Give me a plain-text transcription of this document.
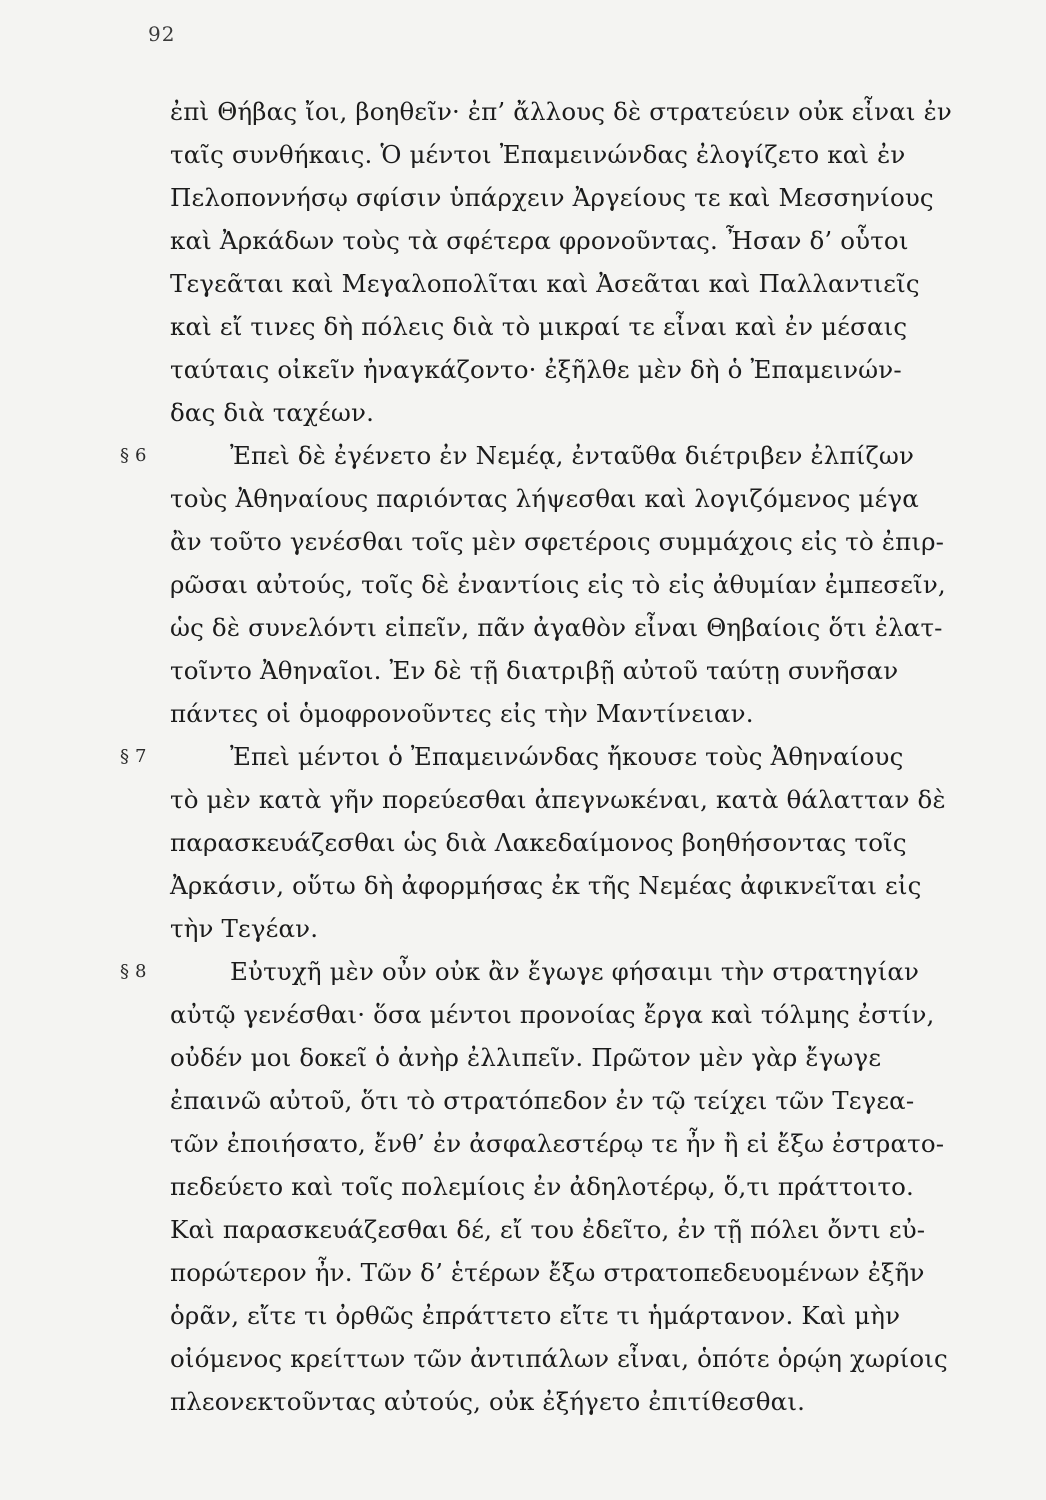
92
ἐπὶ Θήβας ἴοι, βοηθεῖν· ἐπ’ ἄλλους δὲ στρατεύειν οὐκ εἶναι ἐν
ταῖς συνθήκαις. Ὁ μέντοι Ἐπαμεινώνδας ἐλογίζετο καὶ ἐν
Πελοποννήσῳ σφίσιν ὑπάρχειν Ἀργείους τε καὶ Μεσσηνίους
καὶ Ἀρκάδων τοὺς τὰ σφέτερα φρονοῦντας. Ἦσαν δ’ οὗτοι
Τεγεᾶται καὶ Μεγαλοπολῖται καὶ Ἀσεᾶται καὶ Παλλαντιεῖς
καὶ εἴ τινες δὴ πόλεις διὰ τὸ μικραί τε εἶναι καὶ ἐν μέσαις
ταύταις οἰκεῖν ἠναγκάζοντο· ἐξῆλθε μὲν δὴ ὁ Ἐπαμεινών-
δας διὰ ταχέων.
§ 6	Ἐπεὶ δὲ ἐγένετο ἐν Νεμέᾳ, ἐνταῦθα διέτριβεν ἐλπίζων
τοὺς Ἀθηναίους παριόντας λήψεσθαι καὶ λογιζόμενος μέγα
ἂν τοῦτο γενέσθαι τοῖς μὲν σφετέροις συμμάχοις εἰς τὸ ἐπιρ-
ρῶσαι αὐτούς, τοῖς δὲ ἐναντίοις εἰς τὸ εἰς ἀθυμίαν ἐμπεσεῖν,
ὡς δὲ συνελόντι εἰπεῖν, πᾶν ἀγαθὸν εἶναι Θηβαίοις ὅτι ἐλατ-
τοῖντο Ἀθηναῖοι. Ἐν δὲ τῇ διατριβῇ αὐτοῦ ταύτῃ συνῆσαν
πάντες οἱ ὁμοφρονοῦντες εἰς τὴν Μαντίνειαν.
§ 7	Ἐπεὶ μέντοι ὁ Ἐπαμεινώνδας ἤκουσε τοὺς Ἀθηναίους
τὸ μὲν κατὰ γῆν πορεύεσθαι ἀπεγνωκέναι, κατὰ θάλατταν δὲ
παρασκευάζεσθαι ὡς διὰ Λακεδαίμονος βοηθήσοντας τοῖς
Ἀρκάσιν, οὕτω δὴ ἀφορμήσας ἐκ τῆς Νεμέας ἀφικνεῖται εἰς
τὴν Τεγέαν.
§ 8	Εὐτυχῆ μὲν οὖν οὐκ ἂν ἔγωγε φήσαιμι τὴν στρατηγίαν
αὐτῷ γενέσθαι· ὅσα μέντοι προνοίας ἔργα καὶ τόλμης ἐστίν,
οὐδέν μοι δοκεῖ ὁ ἀνὴρ ἐλλιπεῖν. Πρῶτον μὲν γὰρ ἔγωγε
ἐπαινῶ αὐτοῦ, ὅτι τὸ στρατόπεδον ἐν τῷ τείχει τῶν Τεγεα-
τῶν ἐποιήσατο, ἔνθ’ ἐν ἀσφαλεστέρῳ τε ἦν ἢ εἰ ἔξω ἐστρατο-
πεδεύετο καὶ τοῖς πολεμίοις ἐν ἀδηλοτέρῳ, ὅ,τι πράττοιτο.
Καὶ παρασκευάζεσθαι δέ, εἴ του ἐδεῖτο, ἐν τῇ πόλει ὄντι εὐ-
πορώτερον ἦν. Τῶν δ’ ἑτέρων ἔξω στρατοπεδευομένων ἐξῆν
ὁρᾶν, εἴτε τι ὀρθῶς ἐπράττετο εἴτε τι ἡμάρτανον. Καὶ μὴν
οἰόμενος κρείττων τῶν ἀντιπάλων εἶναι, ὁπότε ὁρῴη χωρίοις
πλεονεκτοῦντας αὐτούς, οὐκ ἐξήγετο ἐπιτίθεσθαι.
